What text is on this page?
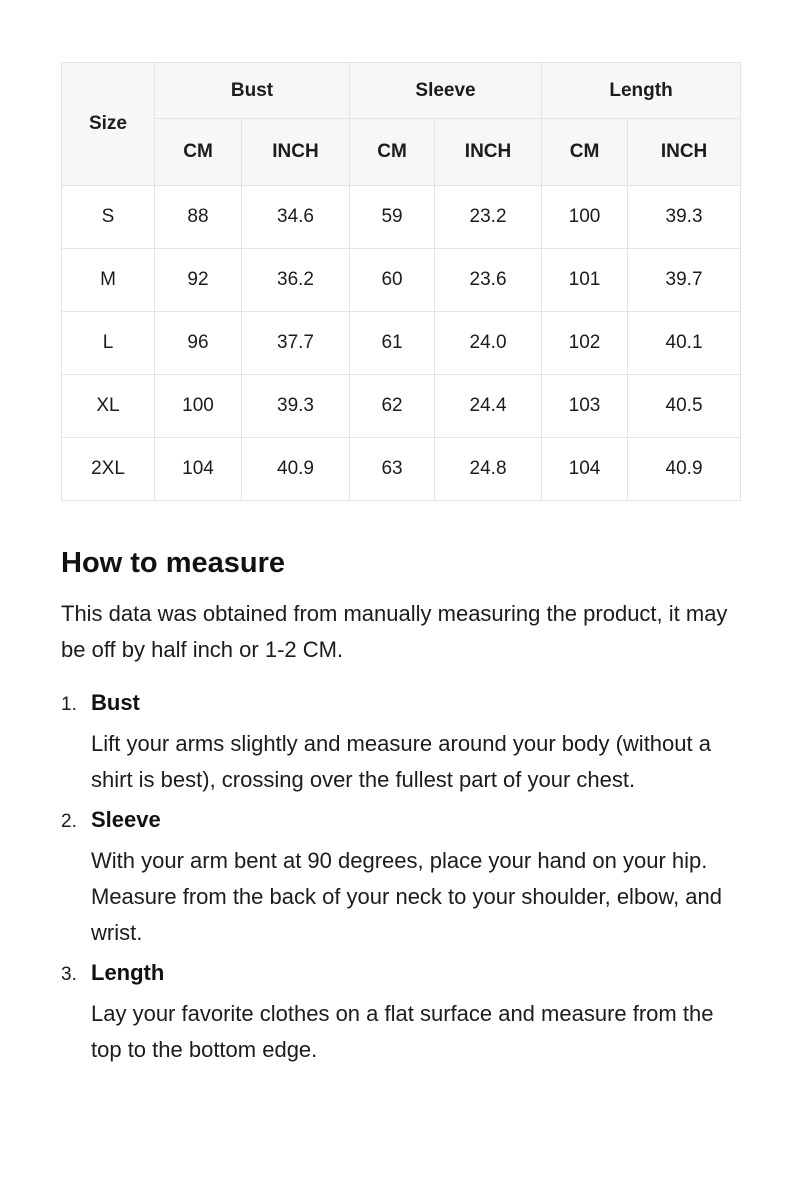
Size	Bust		Sleeve		Length	
	CM	INCH	CM	INCH	CM	INCH
S	88	34.6	59	23.2	100	39.3
M	92	36.2	60	23.6	101	39.7
L	96	37.7	61	24.0	102	40.1
XL	100	39.3	62	24.4	103	40.5
2XL	104	40.9	63	24.8	104	40.9
How to measure

This data was obtained from manually measuring the product, it may be off by half inch or 1-2 CM.

1. Bust

Lift your arms slightly and measure around your body (without a shirt is best), crossing over the fullest part of your chest.

2. Sleeve

With your arm bent at 90 degrees, place your hand on your hip. Measure from the back of your neck to your shoulder, elbow, and wrist.

3. Length

Lay your favorite clothes on a flat surface and measure from the top to the bottom edge.
